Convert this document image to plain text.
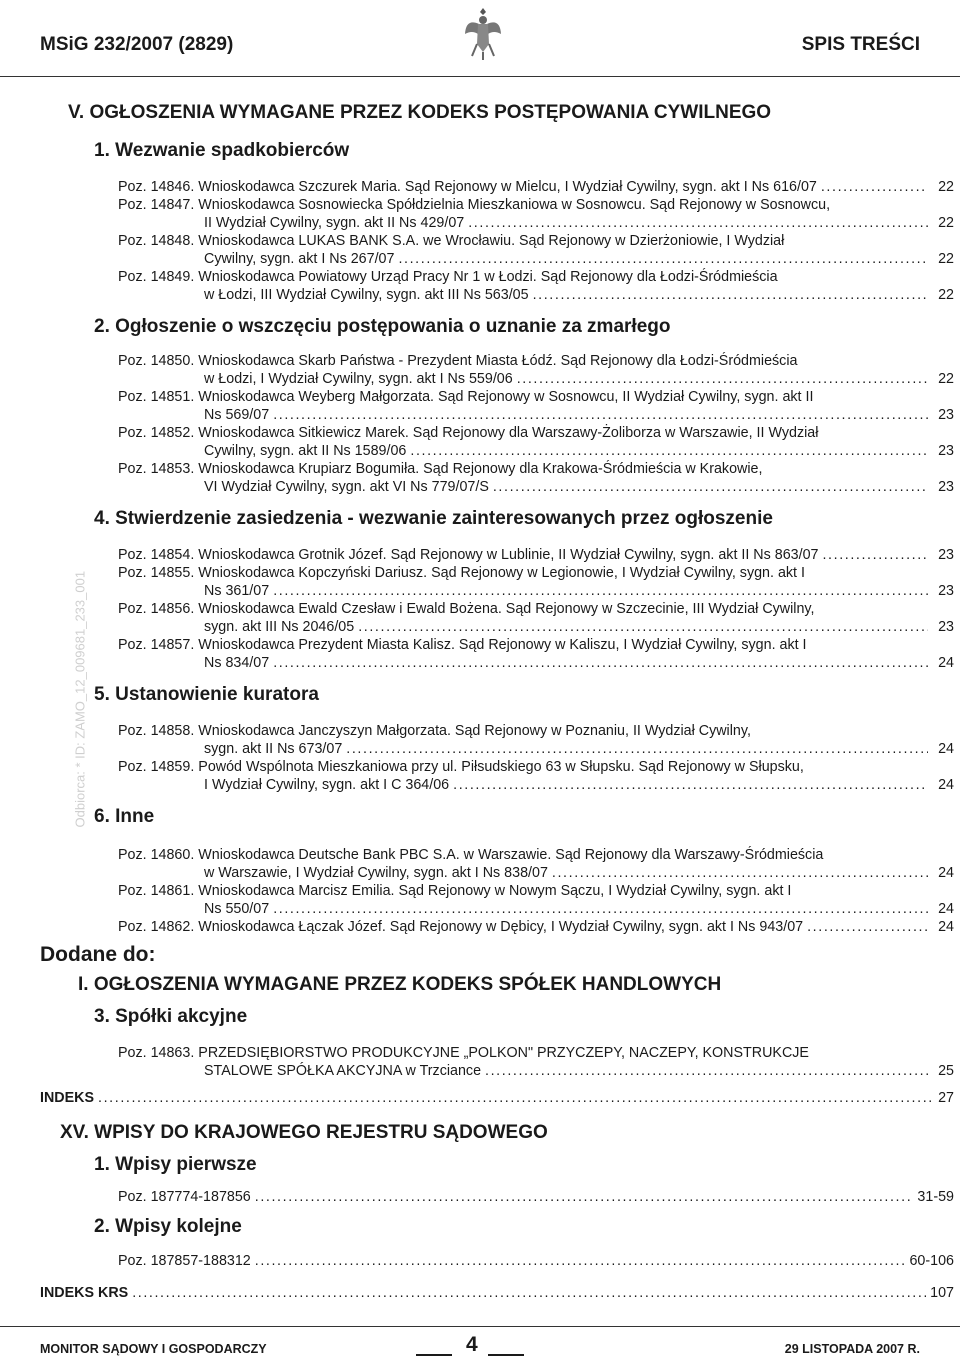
MSiG 232/2007 (2829)	SPIS TREŚCI
Odbiorca: * ID: ZAMO_12_009681_233_001
V. OGŁOSZENIA WYMAGANE PRZEZ KODEKS POSTĘPOWANIA CYWILNEGO
1. Wezwanie spadkobierców
Poz. 14846. Wnioskodawca Szczurek Maria. Sąd Rejonowy w Mielcu, I Wydział Cywilny, sygn. akt I Ns 616/07 .....	22
Poz. 14847. Wnioskodawca Sosnowiecka Spółdzielnia Mieszkaniowa w Sosnowcu. Sąd Rejonowy w Sosnowcu,
II Wydział Cywilny, sygn. akt II Ns 429/07 .....	22
Poz. 14848. Wnioskodawca LUKAS BANK S.A. we Wrocławiu. Sąd Rejonowy w Dzierżoniowie, I Wydział
Cywilny, sygn. akt I Ns 267/07 .....	22
Poz. 14849. Wnioskodawca Powiatowy Urząd Pracy Nr 1 w Łodzi. Sąd Rejonowy dla Łodzi-Śródmieścia
w Łodzi, III Wydział Cywilny, sygn. akt III Ns 563/05 .....	22
2. Ogłoszenie o wszczęciu postępowania o uznanie za zmarłego
Poz. 14850. Wnioskodawca Skarb Państwa - Prezydent Miasta Łódź. Sąd Rejonowy dla Łodzi-Śródmieścia
w Łodzi, I Wydział Cywilny, sygn. akt I Ns 559/06 .....	22
Poz. 14851. Wnioskodawca Weyberg Małgorzata. Sąd Rejonowy w Sosnowcu, II Wydział Cywilny, sygn. akt II
Ns 569/07 .....	23
Poz. 14852. Wnioskodawca Sitkiewicz Marek. Sąd Rejonowy dla Warszawy-Żoliborza w Warszawie, II Wydział
Cywilny, sygn. akt II Ns 1589/06 .....	23
Poz. 14853. Wnioskodawca Krupiarz Bogumiła. Sąd Rejonowy dla Krakowa-Śródmieścia w Krakowie,
VI Wydział Cywilny, sygn. akt VI Ns 779/07/S .....	23
4. Stwierdzenie zasiedzenia - wezwanie zainteresowanych przez ogłoszenie
Poz. 14854. Wnioskodawca Grotnik Józef. Sąd Rejonowy w Lublinie, II Wydział Cywilny, sygn. akt II Ns 863/07 .....	23
Poz. 14855. Wnioskodawca Kopczyński Dariusz. Sąd Rejonowy w Legionowie, I Wydział Cywilny, sygn. akt I
Ns 361/07 .....	23
Poz. 14856. Wnioskodawca Ewald Czesław i Ewald Bożena. Sąd Rejonowy w Szczecinie, III Wydział Cywilny,
sygn. akt III Ns 2046/05 .....	23
Poz. 14857. Wnioskodawca Prezydent Miasta Kalisz. Sąd Rejonowy w Kaliszu, I Wydział Cywilny, sygn. akt I
Ns 834/07 .....	24
5. Ustanowienie kuratora
Poz. 14858. Wnioskodawca Janczyszyn Małgorzata. Sąd Rejonowy w Poznaniu, II Wydział Cywilny,
sygn. akt II Ns 673/07 .....	24
Poz. 14859. Powód Wspólnota Mieszkaniowa przy ul. Piłsudskiego 63 w Słupsku. Sąd Rejonowy w Słupsku,
I Wydział Cywilny, sygn. akt I C 364/06 .....	24
6. Inne
Poz. 14860. Wnioskodawca Deutsche Bank PBC S.A. w Warszawie. Sąd Rejonowy dla Warszawy-Śródmieścia
w Warszawie, I Wydział Cywilny, sygn. akt I Ns 838/07 .....	24
Poz. 14861. Wnioskodawca Marcisz Emilia. Sąd Rejonowy w Nowym Sączu, I Wydział Cywilny, sygn. akt I
Ns 550/07 .....	24
Poz. 14862. Wnioskodawca Łączak Józef. Sąd Rejonowy w Dębicy, I Wydział Cywilny, sygn. akt I Ns 943/07 .....	24
Dodane do:
I. OGŁOSZENIA WYMAGANE PRZEZ KODEKS SPÓŁEK HANDLOWYCH
3. Spółki akcyjne
Poz. 14863. PRZEDSIĘBIORSTWO PRODUKCYJNE „POLKON" PRZYCZEPY, NACZEPY, KONSTRUKCJE
STALOWE SPÓŁKA AKCYJNA w Trzciance .....	25
INDEKS .....	27
XV. WPISY DO KRAJOWEGO REJESTRU SĄDOWEGO
1. Wpisy pierwsze
Poz. 187774-187856 .....	31-59
2. Wpisy kolejne
Poz. 187857-188312 .....	60-106
INDEKS KRS .....	107
MONITOR SĄDOWY I GOSPODARCZY	4	29 LISTOPADA 2007 R.
